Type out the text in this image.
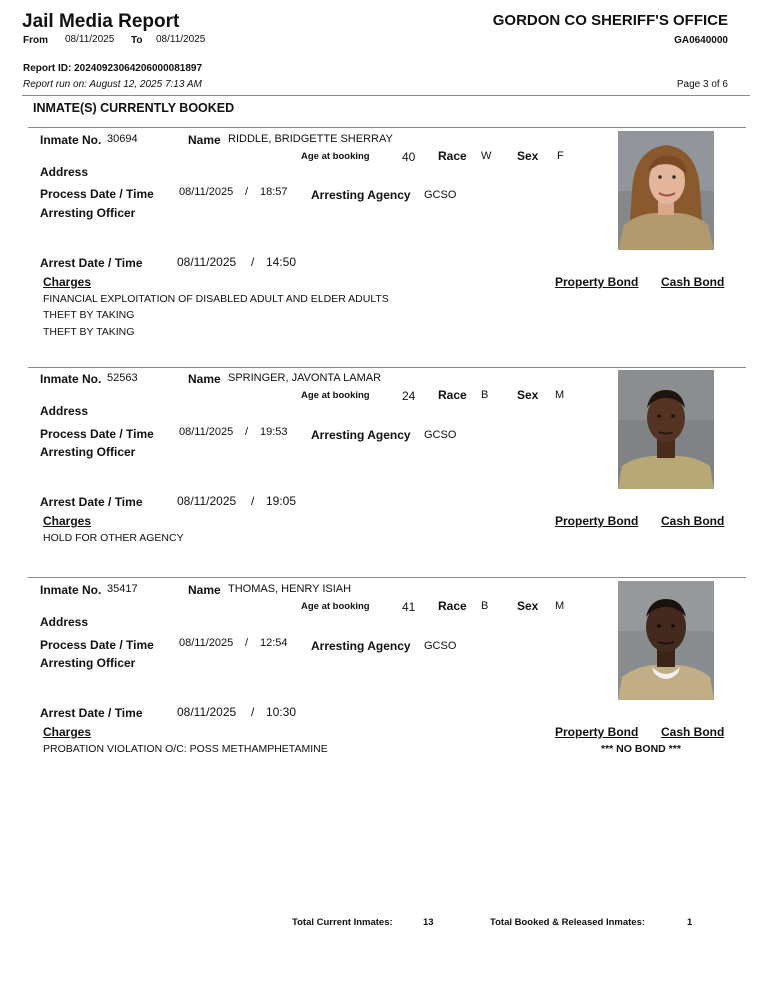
Jail Media Report
From 08/11/2025 To 08/11/2025
GORDON CO SHERIFF'S OFFICE
GA0640000
Report ID: 20240923064206000081897
Report run on: August 12, 2025 7:13 AM	Page 3 of 6
INMATE(S) CURRENTLY BOOKED
Inmate No. 30694	Name RIDDLE, BRIDGETTE SHERRAY
Age at booking	40 Race W Sex F
Address
Process Date / Time 08/11/2025 / 18:57 Arresting Agency GCSO
Arresting Officer
Arrest Date / Time	08/11/2025 / 14:50
Charges	Property Bond Cash Bond
FINANCIAL EXPLOITATION OF DISABLED ADULT AND ELDER ADULTS
THEFT BY TAKING
THEFT BY TAKING
Inmate No. 52563	Name SPRINGER, JAVONTA LAMAR
Age at booking	24 Race B Sex M
Address
Process Date / Time 08/11/2025 / 19:53 Arresting Agency GCSO
Arresting Officer
Arrest Date / Time	08/11/2025 / 19:05
Charges	Property Bond Cash Bond
HOLD FOR OTHER AGENCY
Inmate No. 35417	Name THOMAS, HENRY ISIAH
Age at booking	41 Race B Sex M
Address
Process Date / Time 08/11/2025 / 12:54 Arresting Agency GCSO
Arresting Officer
Arrest Date / Time	08/11/2025 / 10:30
Charges	Property Bond Cash Bond
PROBATION VIOLATION O/C: POSS METHAMPHETAMINE	*** NO BOND ***
Total Current Inmates:	13	Total Booked & Released Inmates:	1
